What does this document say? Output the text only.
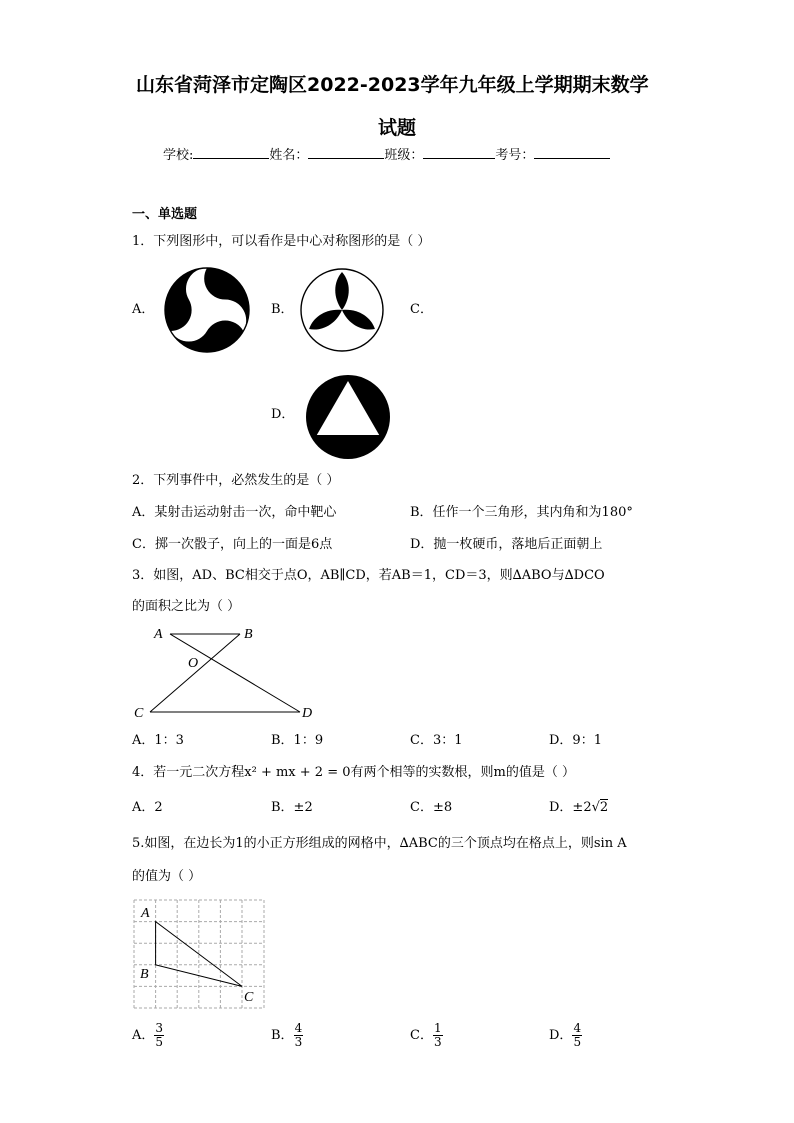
山东省菏泽市定陶区2022-2023学年九年级上学期期末数学
试题
学校:	姓名：	班级：	考号：
一、单选题
1．下列图形中，可以看作是中心对称图形的是（ ）
A．	B．	C．
D．
2．下列事件中，必然发生的是（ ）
A．某射击运动射击一次，命中靶心	B．任作一个三角形，其内角和为180°
C．掷一次骰子，向上的一面是6点	D．抛一枚硬币，落地后正面朝上
3．如图，AD、BC相交于点O，AB∥CD，若AB＝1，CD＝3，则∆ABO与∆DCO
的面积之比为（ ）
A	B
O
C	D
A．1：3	B．1：9	C．3：1	D．9：1
4．若一元二次方程x² + mx + 2 = 0有两个相等的实数根，则m的值是（ ）
A．2	B．±2	C．±8	D．±2√2
5.如图，在边长为1的小正方形组成的网格中，∆ABC的三个顶点均在格点上，则sin A
的值为（ ）
A
B
C
A． $\frac{3}{5}$	B． $\frac{4}{3}$	C． $\frac{1}{3}$	D． $\frac{4}{5}$
